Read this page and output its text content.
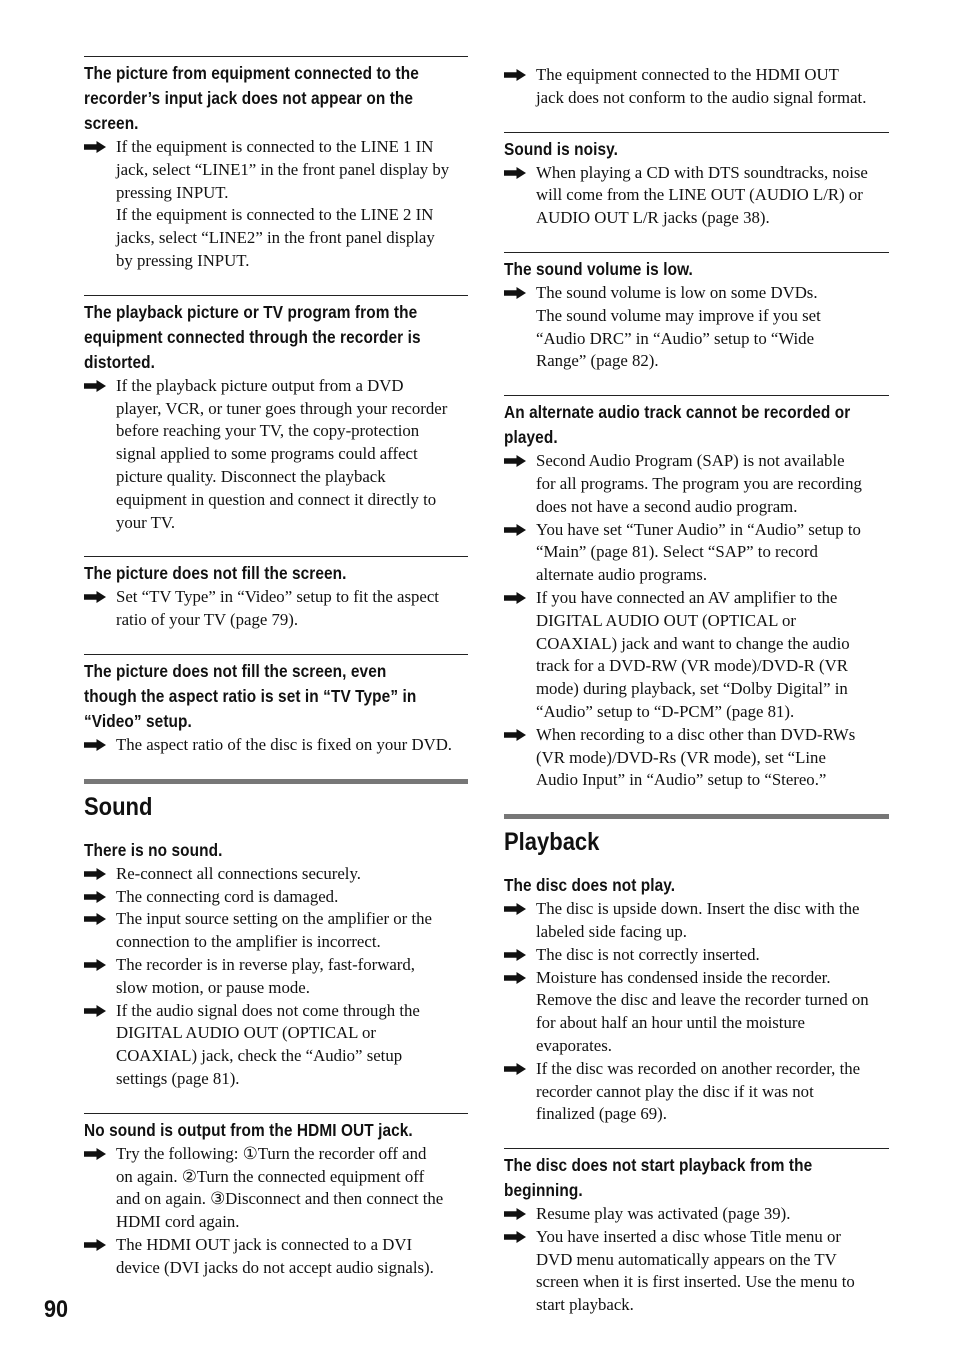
The picture from equipment connected to the
recorder’s input jack does not appear on the
screen.
If the equipment is connected to the LINE 1 IN
jack, select “LINE1” in the front panel display by
pressing INPUT.
If the equipment is connected to the LINE 2 IN
jacks, select “LINE2” in the front panel display
by pressing INPUT.
The playback picture or TV program from the
equipment connected through the recorder is
distorted.
If the playback picture output from a DVD
player, VCR, or tuner goes through your recorder
before reaching your TV, the copy-protection
signal applied to some programs could affect
picture quality. Disconnect the playback
equipment in question and connect it directly to
your TV.
The picture does not fill the screen.
Set “TV Type” in “Video” setup to fit the aspect
ratio of your TV (page 79).
The picture does not fill the screen, even
though the aspect ratio is set in “TV Type” in
“Video” setup.
The aspect ratio of the disc is fixed on your DVD.
Sound
There is no sound.
Re-connect all connections securely.
The connecting cord is damaged.
The input source setting on the amplifier or the
connection to the amplifier is incorrect.
The recorder is in reverse play, fast-forward,
slow motion, or pause mode.
If the audio signal does not come through the
DIGITAL AUDIO OUT (OPTICAL or
COAXIAL) jack, check the “Audio” setup
settings (page 81).
No sound is output from the HDMI OUT jack.
Try the following: ①Turn the recorder off and
on again. ②Turn the connected equipment off
and on again. ③Disconnect and then connect the
HDMI cord again.
The HDMI OUT jack is connected to a DVI
device (DVI jacks do not accept audio signals).
The equipment connected to the HDMI OUT
jack does not conform to the audio signal format.
Sound is noisy.
When playing a CD with DTS soundtracks, noise
will come from the LINE OUT (AUDIO L/R) or
AUDIO OUT L/R jacks (page 38).
The sound volume is low.
The sound volume is low on some DVDs.
The sound volume may improve if you set
“Audio DRC” in “Audio” setup to “Wide
Range” (page 82).
An alternate audio track cannot be recorded or
played.
Second Audio Program (SAP) is not available
for all programs. The program you are recording
does not have a second audio program.
You have set “Tuner Audio” in “Audio” setup to
“Main” (page 81). Select “SAP” to record
alternate audio programs.
If you have connected an AV amplifier to the
DIGITAL AUDIO OUT (OPTICAL or
COAXIAL) jack and want to change the audio
track for a DVD-RW (VR mode)/DVD-R (VR
mode) during playback, set “Dolby Digital” in
“Audio” setup to “D-PCM” (page 81).
When recording to a disc other than DVD-RWs
(VR mode)/DVD-Rs (VR mode), set “Line
Audio Input” in “Audio” setup to “Stereo.”
Playback
The disc does not play.
The disc is upside down. Insert the disc with the
labeled side facing up.
The disc is not correctly inserted.
Moisture has condensed inside the recorder.
Remove the disc and leave the recorder turned on
for about half an hour until the moisture
evaporates.
If the disc was recorded on another recorder, the
recorder cannot play the disc if it was not
finalized (page 69).
The disc does not start playback from the
beginning.
Resume play was activated (page 39).
You have inserted a disc whose Title menu or
DVD menu automatically appears on the TV
screen when it is first inserted. Use the menu to
start playback.
90
